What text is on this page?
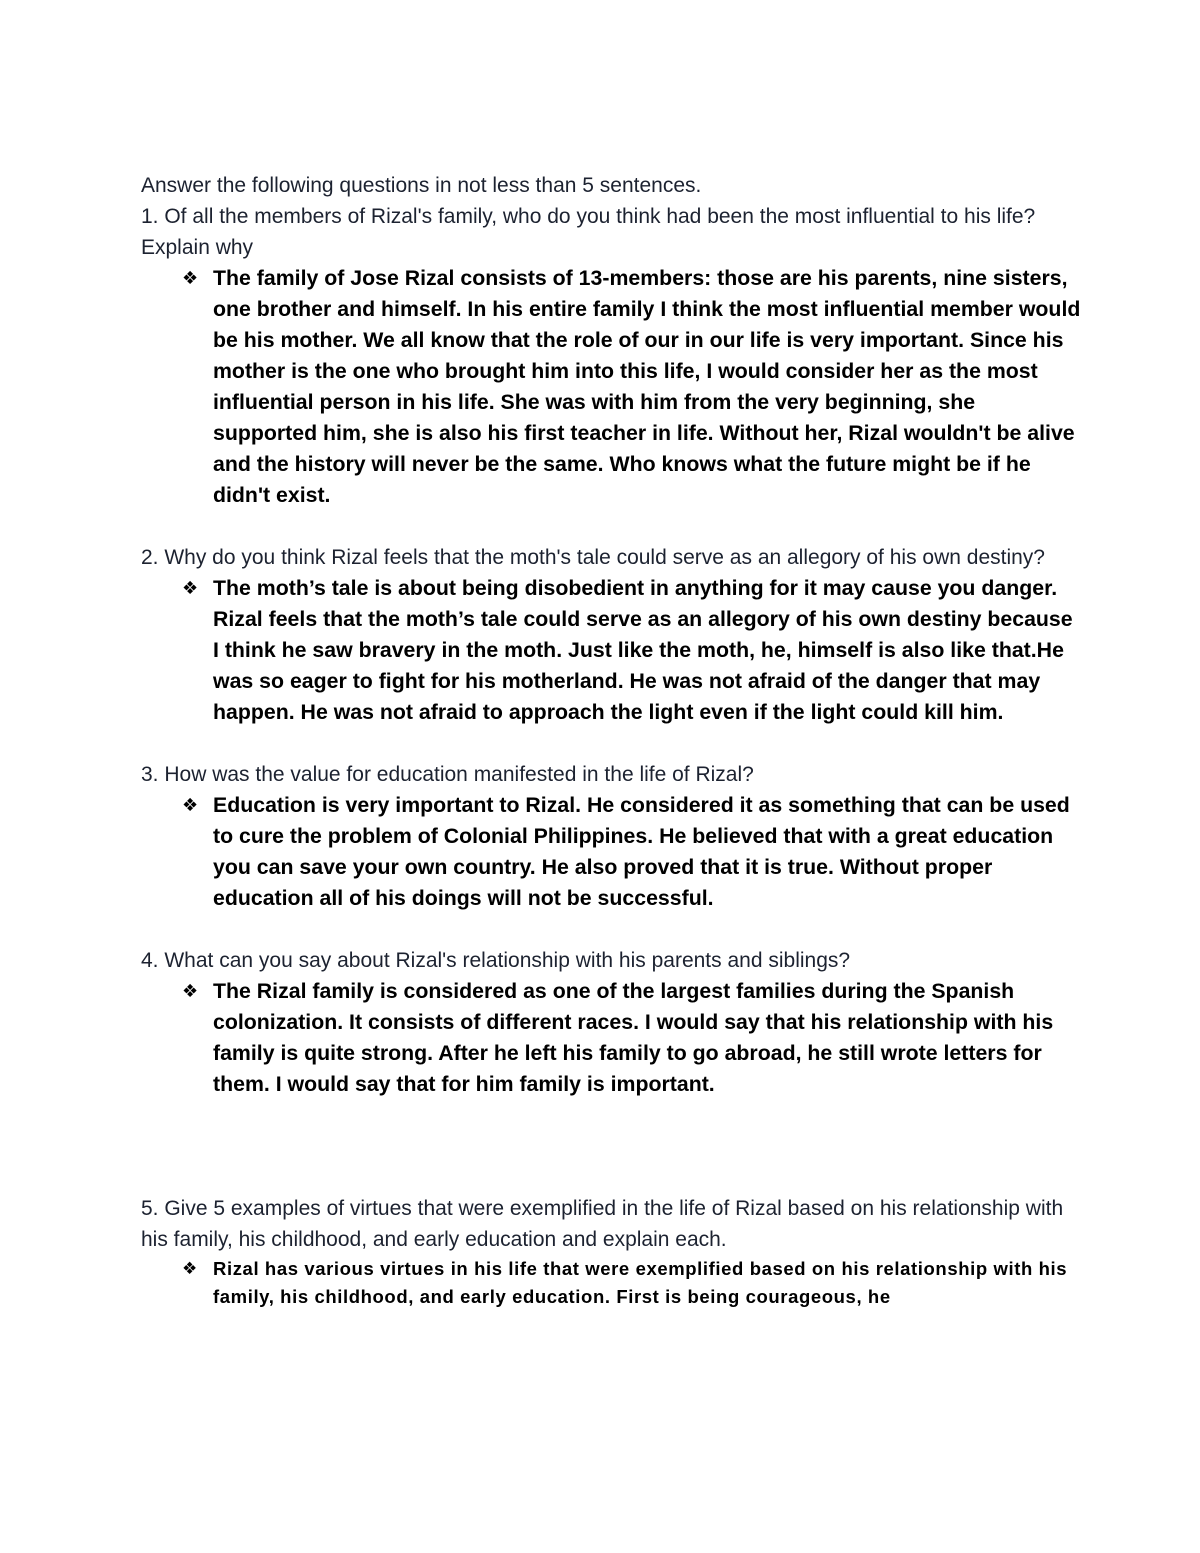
Answer the following questions in not less than 5 sentences.

1. Of all the members of Rizal's family, who do you think had been the most influential to his life? Explain why

❖ The family of Jose Rizal consists of 13-members: those are his parents, nine sisters, one brother and himself. In his entire family I think the most influential member would be his mother. We all know that the role of our in our life is very important. Since his mother is the one who brought him into this life, I would consider her as the most influential person in his life. She was with him from the very beginning, she supported him, she is also his first teacher in life. Without her, Rizal wouldn't be alive and the history will never be the same. Who knows what the future might be if he didn't exist.

2. Why do you think Rizal feels that the moth's tale could serve as an allegory of his own destiny?

❖ The moth’s tale is about being disobedient in anything for it may cause you danger. Rizal feels that the moth’s tale could serve as an allegory of his own destiny because I think he saw bravery in the moth. Just like the moth, he, himself is also like that.He was so eager to fight for his motherland. He was not afraid of the danger that may happen. He was not afraid to approach the light even if the light could kill him.

3. How was the value for education manifested in the life of Rizal?

❖ Education is very important to Rizal. He considered it as something that can be used to cure the problem of Colonial Philippines. He believed that with a great education you can save your own country. He also proved that it is true. Without proper education all of his doings will not be successful.

4. What can you say about Rizal's relationship with his parents and siblings?

❖ The Rizal family is considered as one of the largest families during the Spanish colonization. It consists of different races. I would say that his relationship with his family is quite strong. After he left his family to go abroad, he still wrote letters for them. I would say that for him family is important.

5. Give 5 examples of virtues that were exemplified in the life of Rizal based on his relationship with his family, his childhood, and early education and explain each.

❖ Rizal has various virtues in his life that were exemplified based on his relationship with his family, his childhood, and early education. First is being courageous, he
